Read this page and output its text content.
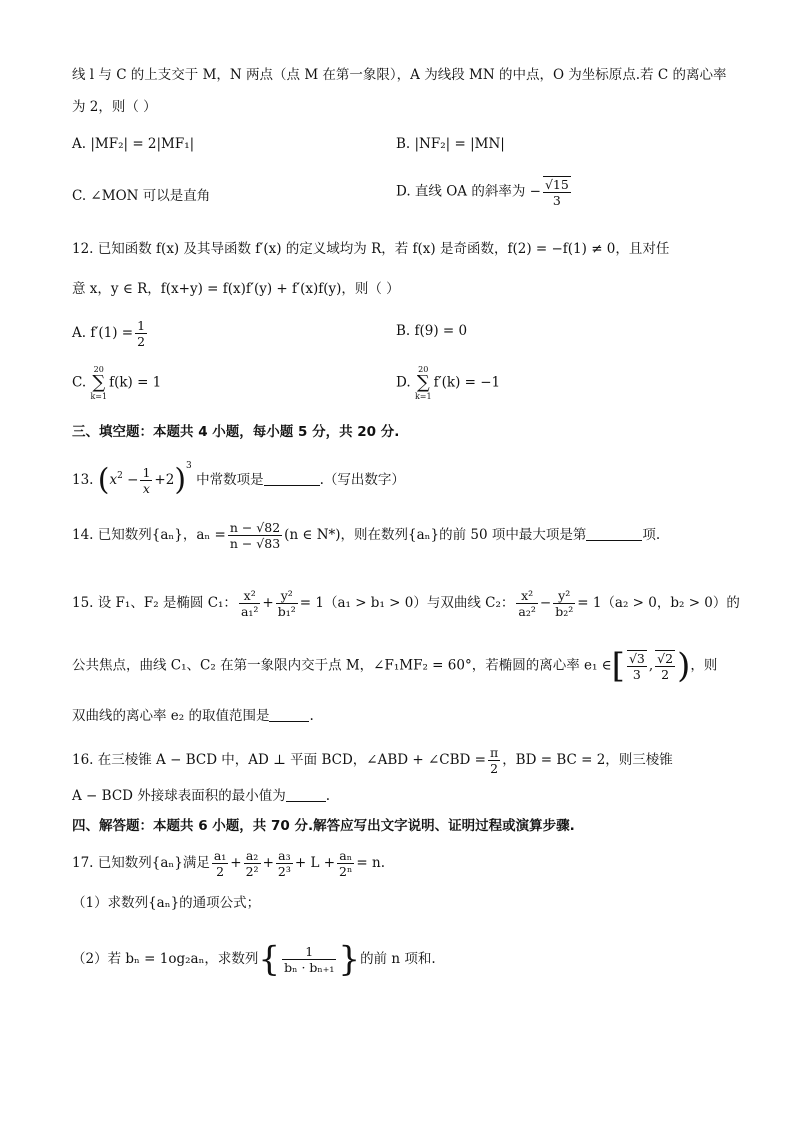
线 l 与 C 的上支交于 M，N 两点（点 M 在第一象限），A 为线段 MN 的中点，O 为坐标原点.若 C 的离心率
为 2，则（ ）
A. |MF₂| = 2|MF₁|	B. |NF₂| = |MN|
C. ∠MON 可以是直角	D. 直线 OA 的斜率为 − $\frac{√15}{3}$
12. 已知函数 f(x) 及其导函数 f′(x) 的定义域均为 R，若 f(x) 是奇函数，f(2) = −f(1) ≠ 0，且对任
意 x，y ∈ R，f(x+y) = f(x)f′(y) + f′(x)f(y)，则（ ）
A. $f'(1) = \frac{1}{2}$	B. f(9) = 0
C.
20
∑
k=1
f(k) = 1	D.
20
∑
k=1
f′(k) = −1
三、填空题：本题共 4 小题，每小题 5 分，共 20 分.
13. $(x^2 - \frac{1}{x} +2)^3$ 中常数项是	.（写出数字）
14. 已知数列{aₙ}，$a_n = \frac{n - √82}{n - √83} (n$ ∈ N*)，则在数列{aₙ}的前 50 项中最大项是第	项.
15. 设 F₁、F₂ 是椭圆 C₁： $\frac{\text{x²}}{\text{a₁²}} + \frac{\text{y²}}{\text{b₁²}} = 1(a_1 > b_1 > 0)$与双曲线 C₂： $\frac{\text{x²}}{\text{a₂²}} - \frac{\text{y²}}{\text{b₂²}} = 1(a_2 > 0$，b₂ > 0）的
公共焦点，曲线 C₁、C₂ 在第一象限内交于点 M，∠F₁MF₂ = 60°，若椭圆的离心率 e₁ ∈[ $\frac{√3}{3}$ , $\frac{√2}{2}$ )，则
双曲线的离心率 e₂ 的取值范围是	.
16. 在三棱锥 A − BCD 中，AD ⊥ 平面 BCD，∠ABD + ∠CBD = $\frac{\pi}{2}$ ，BD = BC = 2，则三棱锥
A − BCD 外接球表面积的最小值为	.
四、解答题：本题共 6 小题，共 70 分.解答应写出文字说明、证明过程或演算步骤.
17. 已知数列{aₙ}满足 $\frac{\text{a₁}}{2} + \frac{\text{a₂}}{\text{2²}} + \frac{\text{a₃}}{\text{2³}} + L + \frac{\text{aₙ}}{\text{2ⁿ}} = n$.
（1）求数列{aₙ}的通项公式；
（2）若 bₙ = 1og₂aₙ，求数列{ $\frac{1}{\text{bₙ · bₙ₊₁}}$ }的前 n 项和.
